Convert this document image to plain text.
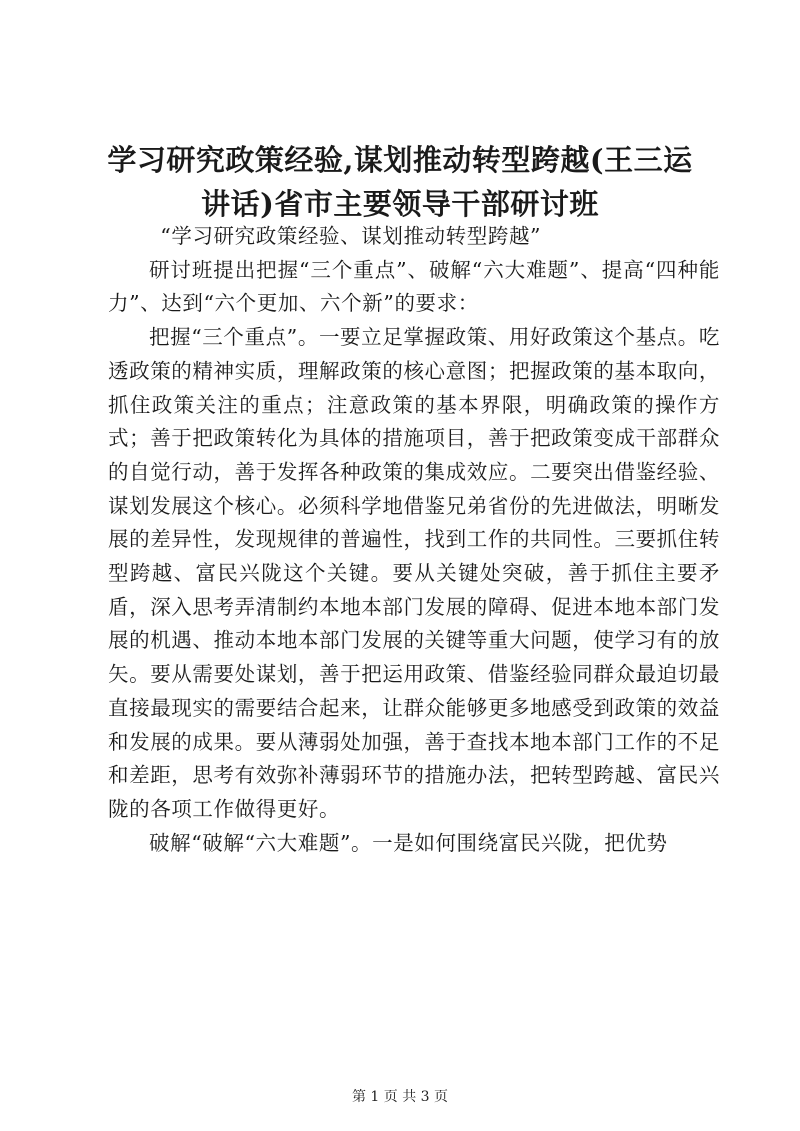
学习研究政策经验,谋划推动转型跨越(王三运讲话)省市主要领导干部研讨班

“学习研究政策经验、谋划推动转型跨越”

研讨班提出把握“三个重点”、破解“六大难题”、提高“四种能力”、达到“六个更加、六个新”的要求：

把握“三个重点”。一要立足掌握政策、用好政策这个基点。吃透政策的精神实质，理解政策的核心意图；把握政策的基本取向，抓住政策关注的重点；注意政策的基本界限，明确政策的操作方式；善于把政策转化为具体的措施项目，善于把政策变成干部群众的自觉行动，善于发挥各种政策的集成效应。二要突出借鉴经验、谋划发展这个核心。必须科学地借鉴兄弟省份的先进做法，明晰发展的差异性，发现规律的普遍性，找到工作的共同性。三要抓住转型跨越、富民兴陇这个关键。要从关键处突破，善于抓住主要矛盾，深入思考弄清制约本地本部门发展的障碍、促进本地本部门发展的机遇、推动本地本部门发展的关键等重大问题，使学习有的放矢。要从需要处谋划，善于把运用政策、借鉴经验同群众最迫切最直接最现实的需要结合起来，让群众能够更多地感受到政策的效益和发展的成果。要从薄弱处加强，善于查找本地本部门工作的不足和差距，思考有效弥补薄弱环节的措施办法，把转型跨越、富民兴陇的各项工作做得更好。

破解“破解“六大难题”。一是如何围绕富民兴陇，把优势

第 1 页 共 3 页
